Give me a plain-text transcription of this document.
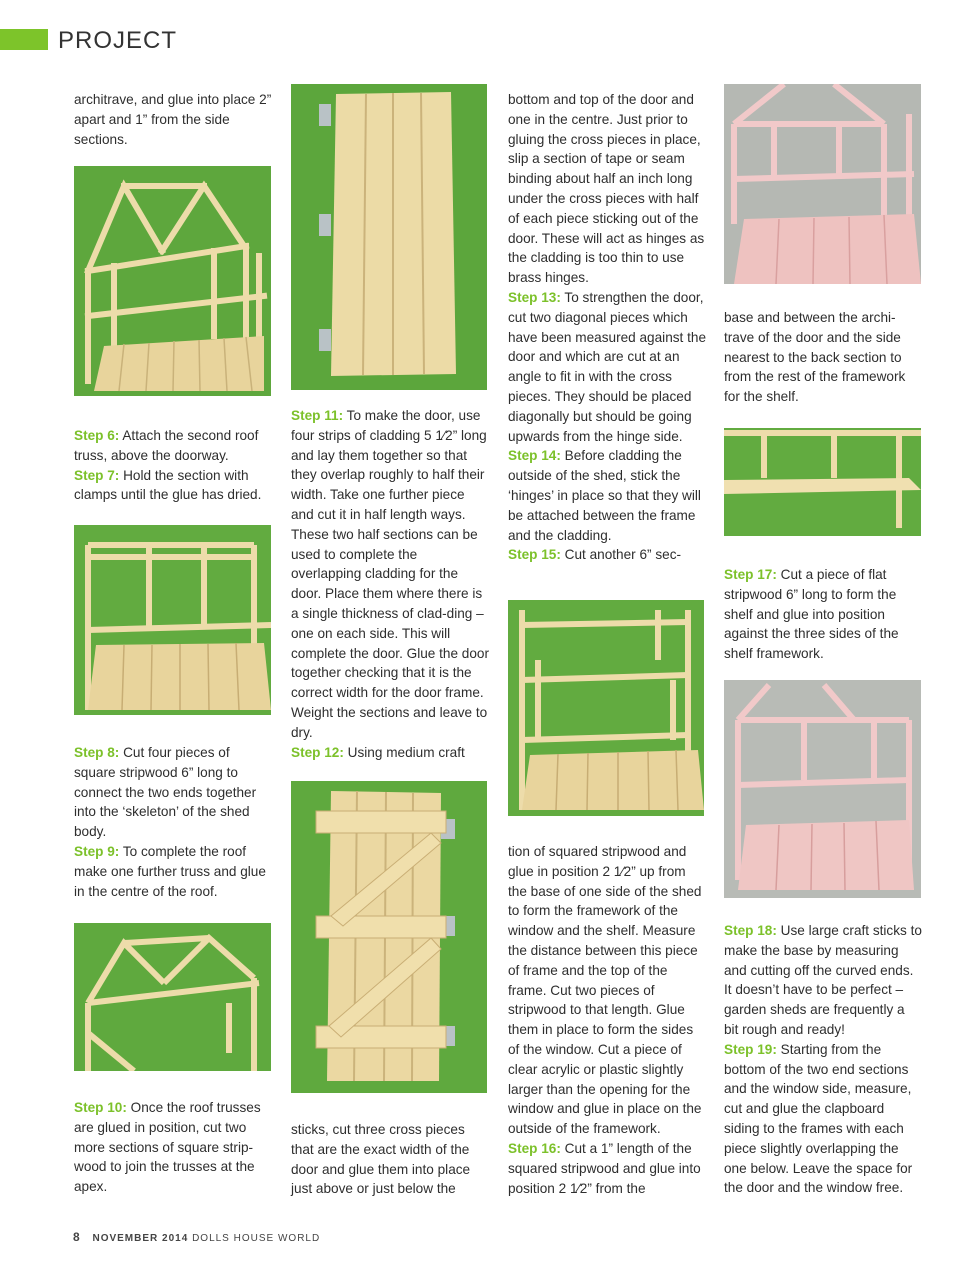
PROJECT

architrave, and glue into place 2” apart and 1” from the side sections.

Step 6: Attach the second roof truss, above the doorway.

Step 7: Hold the section with clamps until the glue has dried.

Step 8: Cut four pieces of square stripwood 6” long to connect the two ends together into the ‘skeleton’ of the shed body.

Step 9: To complete the roof make one further truss and glue in the centre of the roof.

Step 10: Once the roof trusses are glued in position, cut two more sections of square strip-wood to join the trusses at the apex.

Step 11: To make the door, use four strips of cladding 5 1⁄2” long and lay them together so that they overlap roughly to half their width. Take one further piece and cut it in half length ways. These two half sections can be used to complete the overlapping cladding for the door. Place them where there is a single thickness of clad-ding – one on each side. This will complete the door. Glue the door together checking that it is the correct width for the door frame. Weight the sections and leave to dry.

Step 12: Using medium craft

sticks, cut three cross pieces that are the exact width of the door and glue them into place just above or just below the

bottom and top of the door and one in the centre. Just prior to gluing the cross pieces in place, slip a section of tape or seam binding about half an inch long under the cross pieces with half of each piece sticking out of the door. These will act as hinges as the cladding is too thin to use brass hinges.

Step 13: To strengthen the door, cut two diagonal pieces which have been measured against the door and which are cut at an angle to fit in with the cross pieces. They should be placed diagonally but should be going upwards from the hinge side.

Step 14: Before cladding the outside of the shed, stick the ‘hinges’ in place so that they will be attached between the frame and the cladding.

Step 15: Cut another 6” sec-

tion of squared stripwood and glue in position 2 1⁄2” up from the base of one side of the shed to form the framework of the window and the shelf. Measure the distance between this piece of frame and the top of the frame. Cut two pieces of stripwood to that length. Glue them in place to form the sides of the window. Cut a piece of clear acrylic or plastic slightly larger than the opening for the window and glue in place on the outside of the framework.

Step 16: Cut a 1” length of the squared stripwood and glue into position 2 1⁄2” from the

base and between the archi-trave of the door and the side nearest to the back section to from the rest of the framework for the shelf.

Step 17: Cut a piece of flat stripwood 6” long to form the shelf and glue into position against the three sides of the shelf framework.

Step 18: Use large craft sticks to make the base by measuring and cutting off the curved ends. It doesn’t have to be perfect – garden sheds are frequently a bit rough and ready!

Step 19: Starting from the bottom of the two end sections and the window side, measure, cut and glue the clapboard siding to the frames with each piece slightly overlapping the one below. Leave the space for the door and the window free.

8 NOVEMBER 2014 DOLLS HOUSE WORLD
